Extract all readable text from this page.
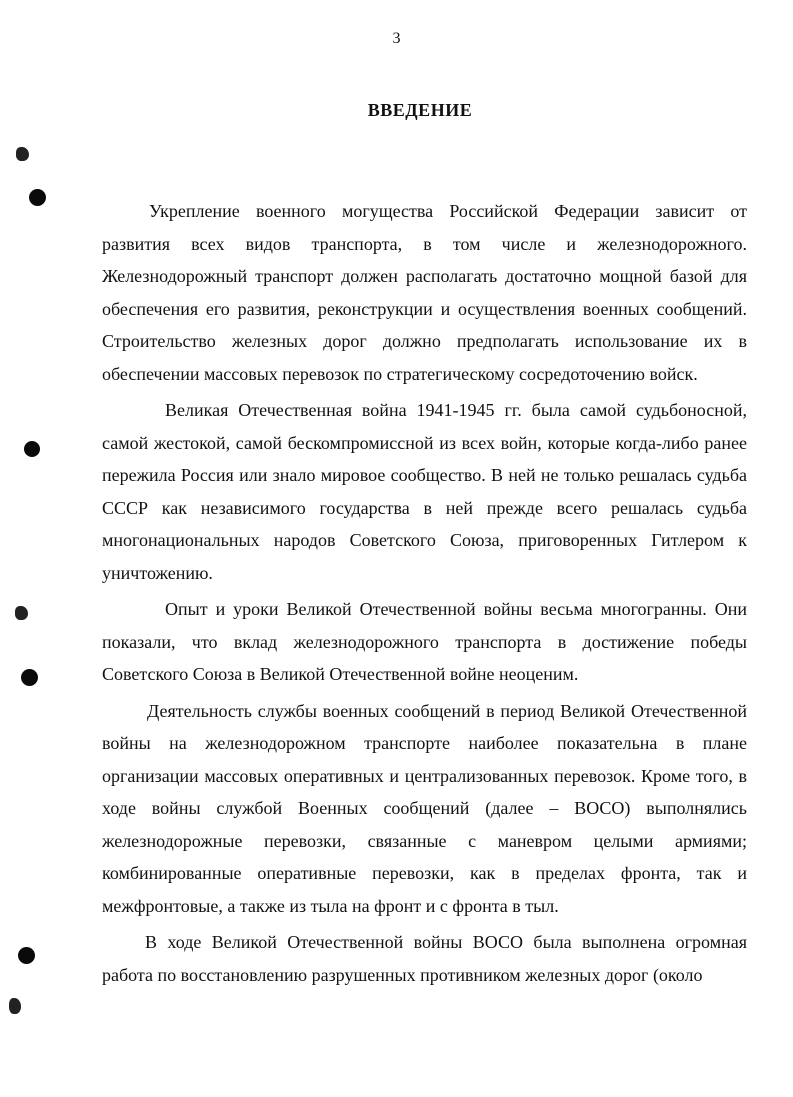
3
ВВЕДЕНИЕ

Укрепление военного могущества Российской Федерации зависит от развития всех видов транспорта, в том числе и железнодорожного. Железнодорожный транспорт должен располагать достаточно мощной базой для обеспечения его развития, реконструкции и осуществления военных сообщений. Строительство железных дорог должно предполагать использование их в обеспечении массовых перевозок по стратегическому сосредоточению войск.

Великая Отечественная война 1941-1945 гг. была самой судьбоносной, самой жестокой, самой бескомпромиссной из всех войн, которые когда-либо ранее пережила Россия или знало мировое сообщество. В ней не только решалась судьба СССР как независимого государства в ней прежде всего решалась судьба многонациональных народов Советского Союза, приговоренных Гитлером к уничтожению.

Опыт и уроки Великой Отечественной войны весьма многогранны. Они показали, что вклад железнодорожного транспорта в достижение победы Советского Союза в Великой Отечественной войне неоценим.

Деятельность службы военных сообщений в период Великой Отечественной войны на железнодорожном транспорте наиболее показательна в плане организации массовых оперативных и централизованных перевозок. Кроме того, в ходе войны службой Военных сообщений (далее – ВОСО) выполнялись железнодорожные перевозки, связанные с маневром целыми армиями; комбинированные оперативные перевозки, как в пределах фронта, так и межфронтовые, а также из тыла на фронт и с фронта в тыл.

В ходе Великой Отечественной войны ВОСО была выполнена огромная работа по восстановлению разрушенных противником железных дорог (около
